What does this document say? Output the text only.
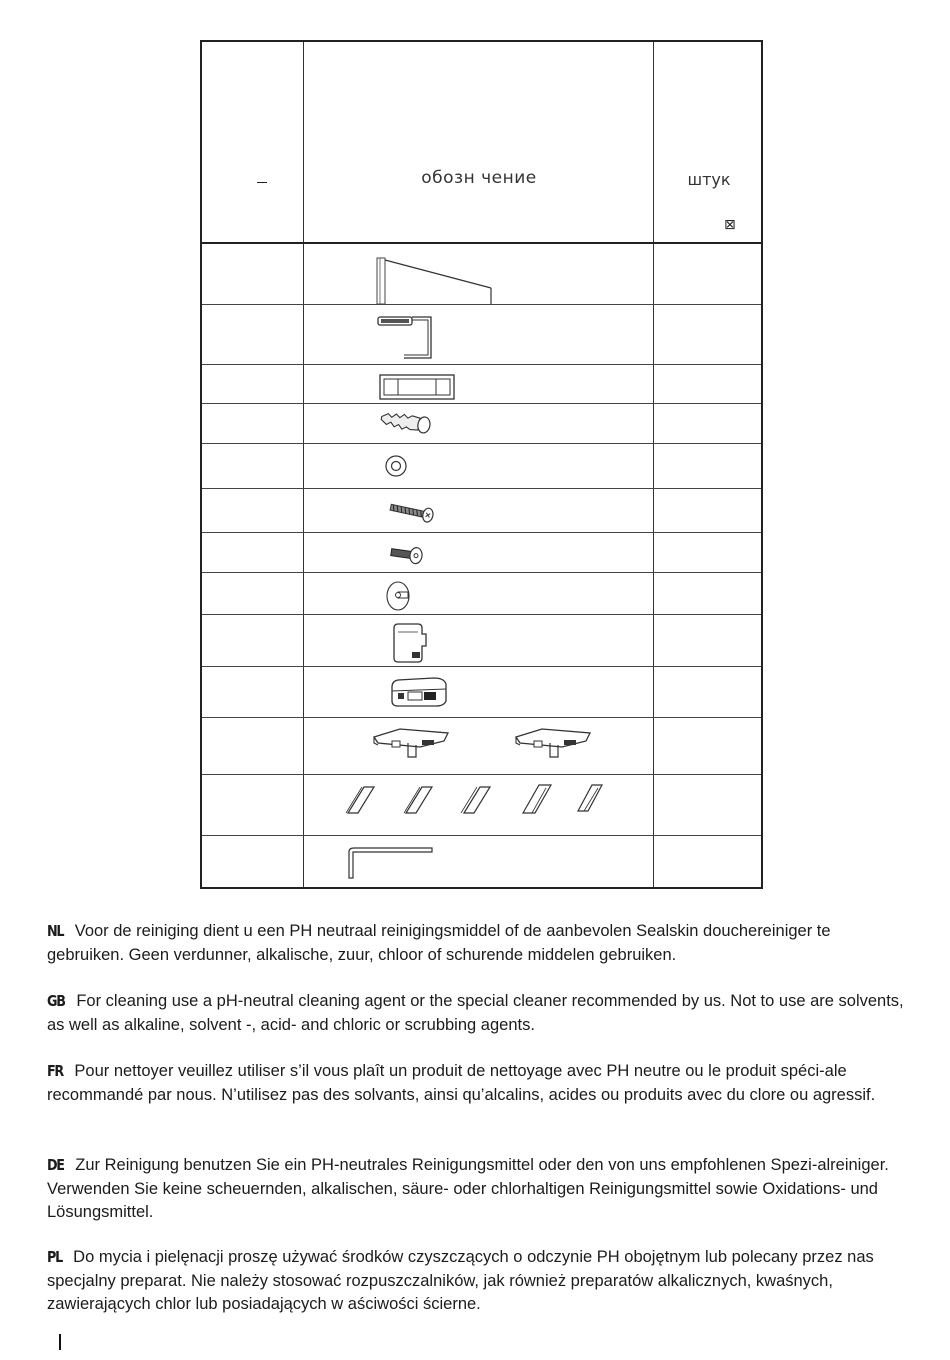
обозн чение	штук
⊠
NL Voor de reiniging dient u een PH neutraal reinigingsmiddel of de aanbevolen Sealskin douchereiniger te gebruiken. Geen verdunner, alkalische, zuur, chloor of schurende middelen gebruiken.
GB For cleaning use a pH-neutral cleaning agent or the special cleaner recommended by us. Not to use are solvents, as well as alkaline, solvent -, acid- and chloric or scrubbing agents.
FR Pour nettoyer veuillez utiliser s’il vous plaît un produit de nettoyage avec PH neutre ou le produit spéci-ale recommandé par nous. N’utilisez pas des solvants, ainsi qu’alcalins, acides ou produits avec du clore ou agressif.
DE Zur Reinigung benutzen Sie ein PH-neutrales Reinigungsmittel oder den von uns empfohlenen Spezi-alreiniger. Verwenden Sie keine scheuernden, alkalischen, säure- oder chlorhaltigen Reinigungsmittel sowie Oxidations- und Lösungsmittel.
PL Do mycia i pielęnacji proszę używać środków czyszczących o odczynie PH obojętnym lub polecany przez nas specjalny preparat. Nie należy stosować rozpuszczalników, jak również preparatów alkalicznych, kwaśnych, zawierających chlor lub posiadających w aściwości ścierne.
